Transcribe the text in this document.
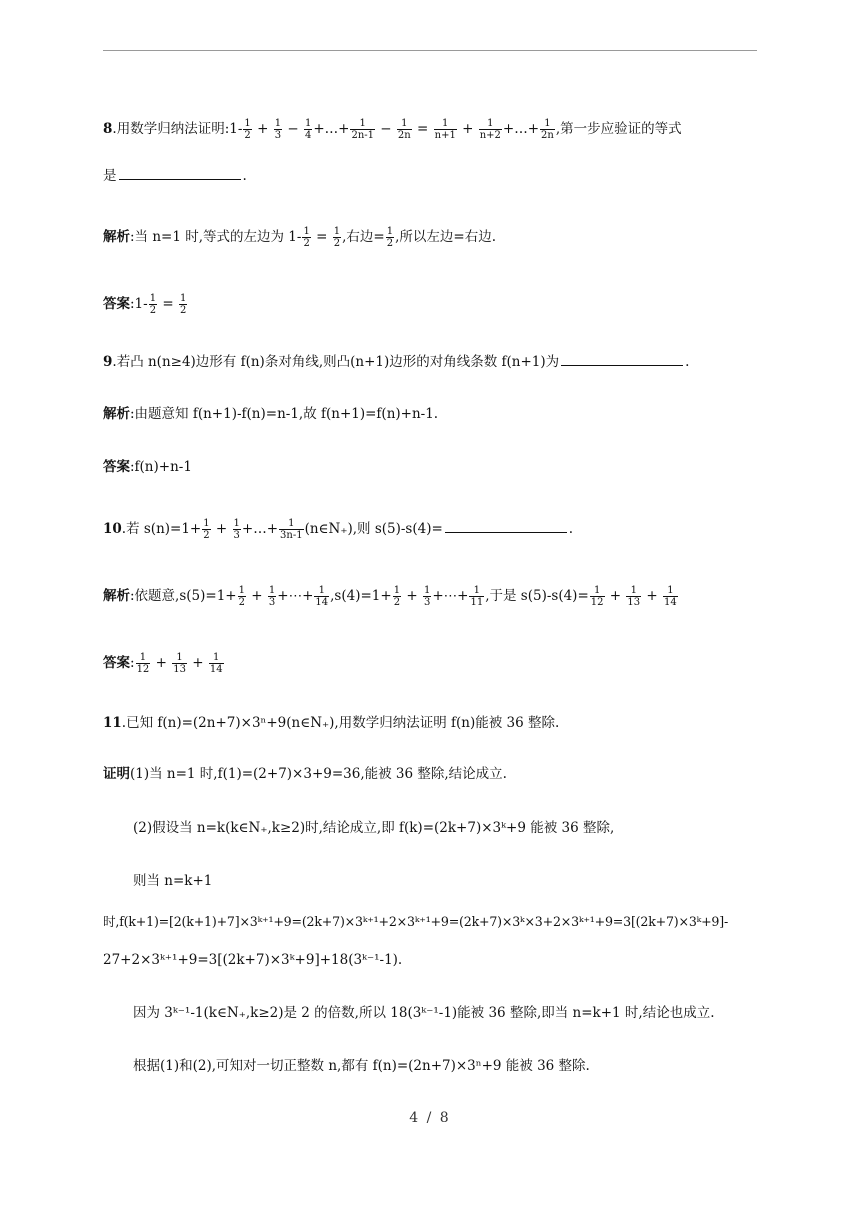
8.用数学归纳法证明:1- $\frac{1}{2} + \frac{1}{3} - \frac{1}{4}$ +…+ $\frac{1}{2n-1} - \frac{1}{2n} = \frac{1}{n+1} + \frac{1}{n+2}$ +…+ $\frac{1}{2n}$ ,第一步应验证的等式
是	.
解析:当 n=1 时,等式的左边为 $1- \frac{1}{2} = \frac{1}{2}$ ,右边= $\frac{1}{2}$ ,所以左边=右边.
答案:1- $\frac{1}{2} = \frac{1}{2}$
9.若凸 n(n≥4)边形有 f(n)条对角线,则凸(n+1)边形的对角线条数 f(n+1)为	.
解析:由题意知 f(n+1)-f(n)=n-1,故 f(n+1)=f(n)+n-1.
答案:f(n)+n-1
10.若 $s(n)=1+ \frac{1}{2} + \frac{1}{3}$ +…+ $\frac{1}{3n-1}$ (n∈N₊),则 s(5)-s(4)=	.
解析:依题意$,s(5)=1+ \frac{1}{2} + \frac{1}{3}$ +⋯+ $\frac{1}{14} ,s(4)=1+ \frac{1}{2} + \frac{1}{3}$ +⋯+ $\frac{1}{11}$ ,于是 $s(5)-s(4)= \frac{1}{12} + \frac{1}{13} + \frac{1}{14}$
答案: $\frac{1}{12} + \frac{1}{13} + \frac{1}{14}$
11.已知 f(n)=(2n+7)×3ⁿ+9(n∈N₊),用数学归纳法证明 f(n)能被 36 整除.
证明(1)当 n=1 时,f(1)=(2+7)×3+9=36,能被 36 整除,结论成立.
(2)假设当 n=k(k∈N₊,k≥2)时,结论成立,即 f(k)=(2k+7)×3ᵏ+9 能被 36 整除,
则当 n=k+1
时,f(k+1)=[2(k+1)+7]×3ᵏ⁺¹+9=(2k+7)×3ᵏ⁺¹+2×3ᵏ⁺¹+9=(2k+7)×3ᵏ×3+2×3ᵏ⁺¹+9=3[(2k+7)×3ᵏ+9]-
27+2×3ᵏ⁺¹+9=3[(2k+7)×3ᵏ+9]+18(3ᵏ⁻¹-1).
因为 3ᵏ⁻¹-1(k∈N₊,k≥2)是 2 的倍数,所以 18(3ᵏ⁻¹-1)能被 36 整除,即当 n=k+1 时,结论也成立.
根据(1)和(2),可知对一切正整数 n,都有 f(n)=(2n+7)×3ⁿ+9 能被 36 整除.
4 / 8
